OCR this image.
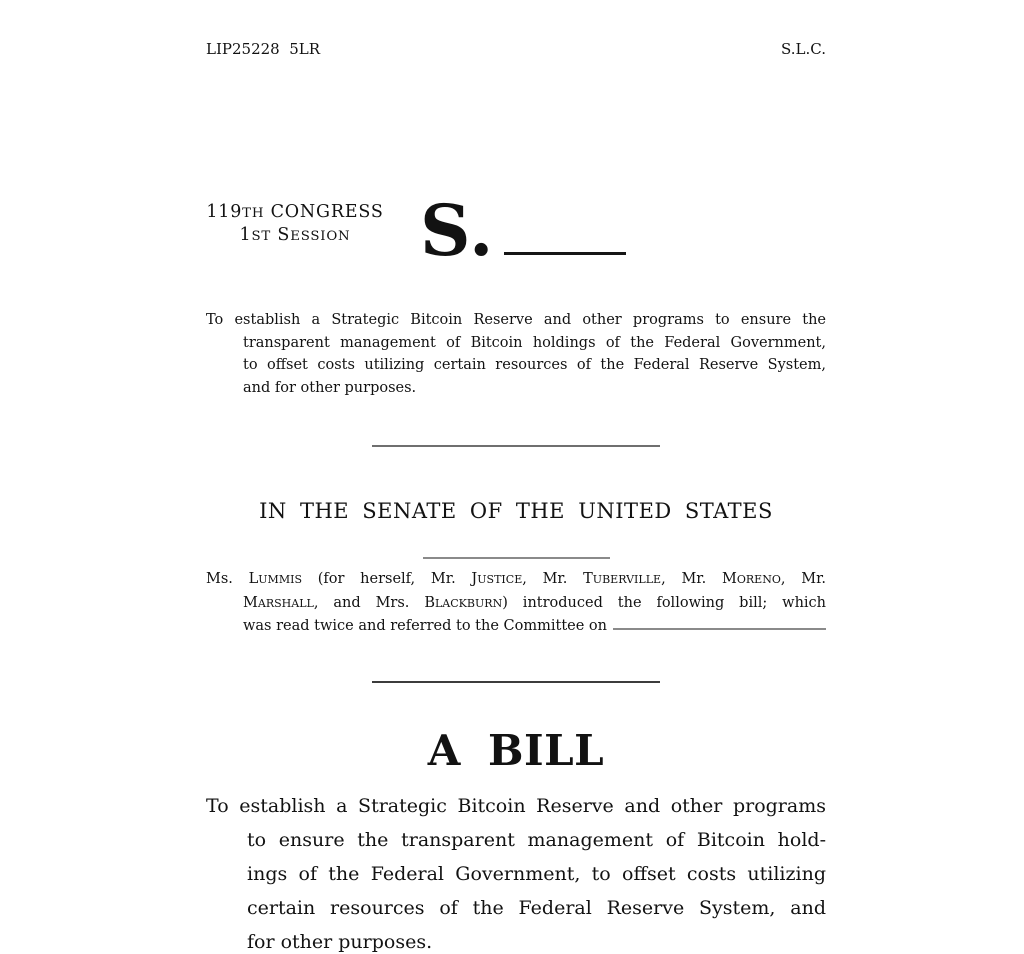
LIP25228  5LR	S.L.C.
119TH CONGRESS
1ST SESSION S.
To establish a Strategic Bitcoin Reserve and other programs to ensure the
transparent management of Bitcoin holdings of the Federal Government,
to offset costs utilizing certain resources of the Federal Reserve System,
and for other purposes.
IN THE SENATE OF THE UNITED STATES
Ms. LUMMIS (for herself, Mr. JUSTICE, Mr. TUBERVILLE, Mr. MORENO, Mr.
MARSHALL, and Mrs. BLACKBURN) introduced the following bill; which
was read twice and referred to the Committee on
A BILL
To establish a Strategic Bitcoin Reserve and other programs
to ensure the transparent management of Bitcoin hold-
ings of the Federal Government, to offset costs utilizing
certain resources of the Federal Reserve System, and
for other purposes.
